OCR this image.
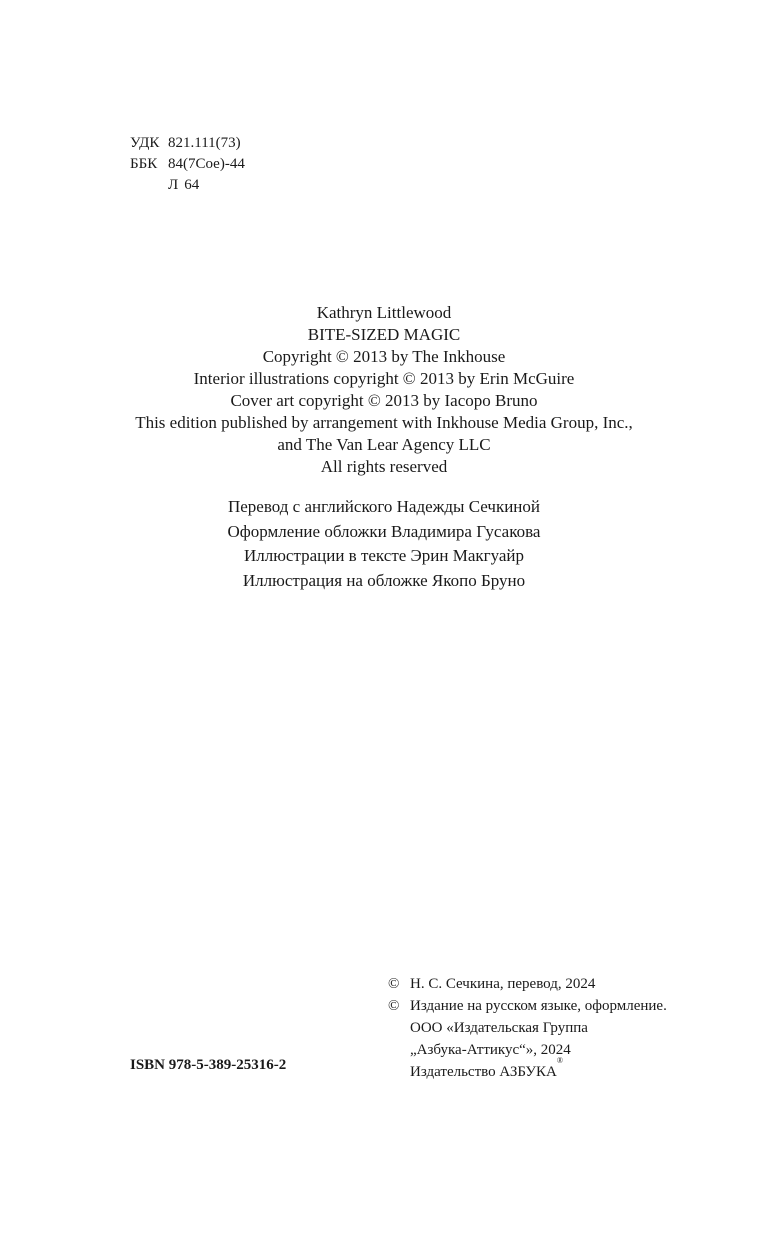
УДК 821.111(73)
ББК 84(7Сое)-44
Л 64
Kathryn Littlewood
BITE-SIZED MAGIC
Copyright © 2013 by The Inkhouse
Interior illustrations copyright © 2013 by Erin McGuire
Cover art copyright © 2013 by Iacopo Bruno
This edition published by arrangement with Inkhouse Media Group, Inc.,
and The Van Lear Agency LLC
All rights reserved
Перевод с английского Надежды Сечкиной
Оформление обложки Владимира Гусакова
Иллюстрации в тексте Эрин Макгуайр
Иллюстрация на обложке Якопо Бруно
© Н. С. Сечкина, перевод, 2024
© Издание на русском языке, оформление.
ООО «Издательская Группа
„Азбука-Аттикус“», 2024
Издательство АЗБУКА
®
ISBN 978-5-389-25316-2
